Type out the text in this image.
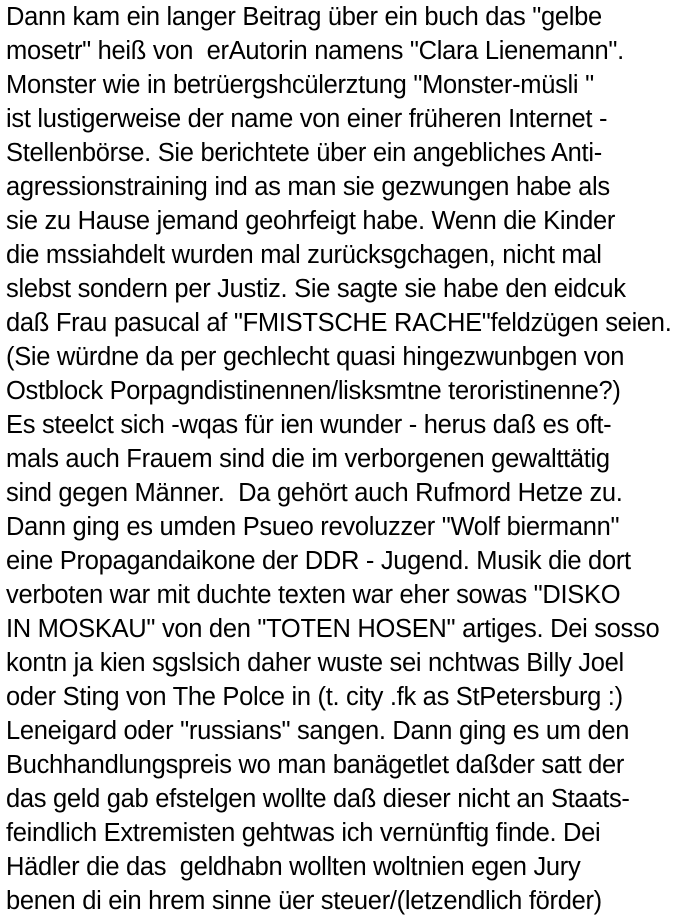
Dann kam ein langer Beitrag über ein buch das "gelbe
mosetr" heiß von  erAutorin namens "Clara Lienemann".
Monster wie in betrüergshcülerztung "Monster-müsli "
ist lustigerweise der name von einer früheren Internet -
Stellenbörse. Sie berichtete über ein angebliches Anti-
agressionstraining ind as man sie gezwungen habe als
sie zu Hause jemand geohrfeigt habe. Wenn die Kinder
die mssiahdelt wurden mal zurücksgchagen, nicht mal
slebst sondern per Justiz. Sie sagte sie habe den eidcuk
daß Frau pasucal af "FMISTSCHE RACHE"feldzügen seien.
(Sie würdne da per gechlecht quasi hingezwunbgen von
Ostblock Porpagndistinennen/lisksmtne teroristinenne?)
Es steelct sich -wqas für ien wunder - herus daß es oft-
mals auch Frauem sind die im verborgenen gewalttätig
sind gegen Männer.  Da gehört auch Rufmord Hetze zu.
Dann ging es umden Psueo revoluzzer "Wolf biermann"
eine Propagandaikone der DDR - Jugend. Musik die dort
verboten war mit duchte texten war eher sowas "DISKO
IN MOSKAU" von den "TOTEN HOSEN" artiges. Dei sosso
kontn ja kien sgslsich daher wuste sei nchtwas Billy Joel
oder Sting von The Polce in (t. city .fk as StPetersburg :)
Leneigard oder "russians" sangen. Dann ging es um den
Buchhandlungspreis wo man banägetlet daßder satt der
das geld gab efstelgen wollte daß dieser nicht an Staats-
feindlich Extremisten gehtwas ich vernünftig finde. Dei
Hädler die das  geldhabn wollten woltnien egen Jury
benen di ein hrem sinne üer steuer/(letzendlich förder)
